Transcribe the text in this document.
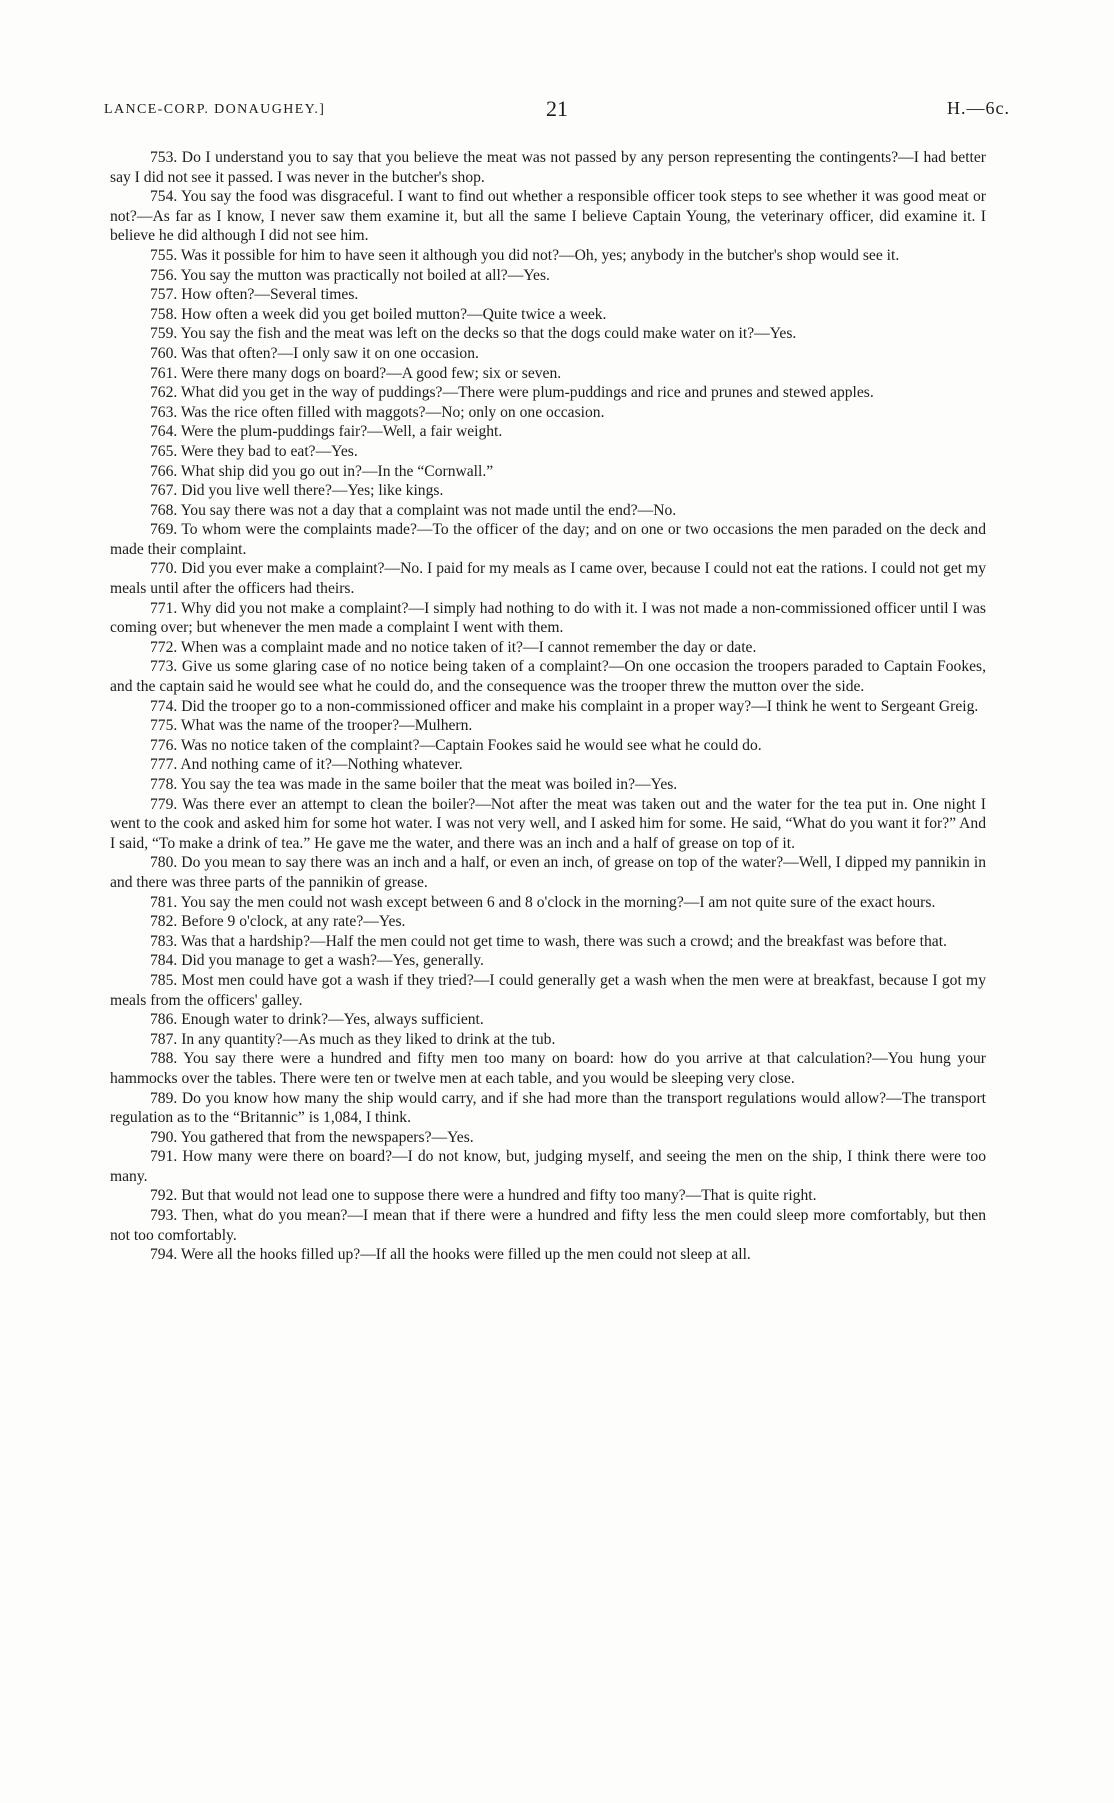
LANCE-CORP. DONAUGHEY.]	21	H.—6c.

753. Do I understand you to say that you believe the meat was not passed by any person representing the contingents?—I had better say I did not see it passed. I was never in the butcher's shop.

754. You say the food was disgraceful. I want to find out whether a responsible officer took steps to see whether it was good meat or not?—As far as I know, I never saw them examine it, but all the same I believe Captain Young, the veterinary officer, did examine it. I believe he did although I did not see him.

755. Was it possible for him to have seen it although you did not?—Oh, yes; anybody in the butcher's shop would see it.

756. You say the mutton was practically not boiled at all?—Yes.

757. How often?—Several times.

758. How often a week did you get boiled mutton?—Quite twice a week.

759. You say the fish and the meat was left on the decks so that the dogs could make water on it?—Yes.

760. Was that often?—I only saw it on one occasion.

761. Were there many dogs on board?—A good few; six or seven.

762. What did you get in the way of puddings?—There were plum-puddings and rice and prunes and stewed apples.

763. Was the rice often filled with maggots?—No; only on one occasion.

764. Were the plum-puddings fair?—Well, a fair weight.

765. Were they bad to eat?—Yes.

766. What ship did you go out in?—In the “Cornwall.”

767. Did you live well there?—Yes; like kings.

768. You say there was not a day that a complaint was not made until the end?—No.

769. To whom were the complaints made?—To the officer of the day; and on one or two occasions the men paraded on the deck and made their complaint.

770. Did you ever make a complaint?—No. I paid for my meals as I came over, because I could not eat the rations. I could not get my meals until after the officers had theirs.

771. Why did you not make a complaint?—I simply had nothing to do with it. I was not made a non-commissioned officer until I was coming over; but whenever the men made a complaint I went with them.

772. When was a complaint made and no notice taken of it?—I cannot remember the day or date.

773. Give us some glaring case of no notice being taken of a complaint?—On one occasion the troopers paraded to Captain Fookes, and the captain said he would see what he could do, and the consequence was the trooper threw the mutton over the side.

774. Did the trooper go to a non-commissioned officer and make his complaint in a proper way?—I think he went to Sergeant Greig.

775. What was the name of the trooper?—Mulhern.

776. Was no notice taken of the complaint?—Captain Fookes said he would see what he could do.

777. And nothing came of it?—Nothing whatever.

778. You say the tea was made in the same boiler that the meat was boiled in?—Yes.

779. Was there ever an attempt to clean the boiler?—Not after the meat was taken out and the water for the tea put in. One night I went to the cook and asked him for some hot water. I was not very well, and I asked him for some. He said, “What do you want it for?” And I said, “To make a drink of tea.” He gave me the water, and there was an inch and a half of grease on top of it.

780. Do you mean to say there was an inch and a half, or even an inch, of grease on top of the water?—Well, I dipped my pannikin in and there was three parts of the pannikin of grease.

781. You say the men could not wash except between 6 and 8 o'clock in the morning?—I am not quite sure of the exact hours.

782. Before 9 o'clock, at any rate?—Yes.

783. Was that a hardship?—Half the men could not get time to wash, there was such a crowd; and the breakfast was before that.

784. Did you manage to get a wash?—Yes, generally.

785. Most men could have got a wash if they tried?—I could generally get a wash when the men were at breakfast, because I got my meals from the officers' galley.

786. Enough water to drink?—Yes, always sufficient.

787. In any quantity?—As much as they liked to drink at the tub.

788. You say there were a hundred and fifty men too many on board: how do you arrive at that calculation?—You hung your hammocks over the tables. There were ten or twelve men at each table, and you would be sleeping very close.

789. Do you know how many the ship would carry, and if she had more than the transport regulations would allow?—The transport regulation as to the “Britannic” is 1,084, I think.

790. You gathered that from the newspapers?—Yes.

791. How many were there on board?—I do not know, but, judging myself, and seeing the men on the ship, I think there were too many.

792. But that would not lead one to suppose there were a hundred and fifty too many?—That is quite right.

793. Then, what do you mean?—I mean that if there were a hundred and fifty less the men could sleep more comfortably, but then not too comfortably.

794. Were all the hooks filled up?—If all the hooks were filled up the men could not sleep at all.
